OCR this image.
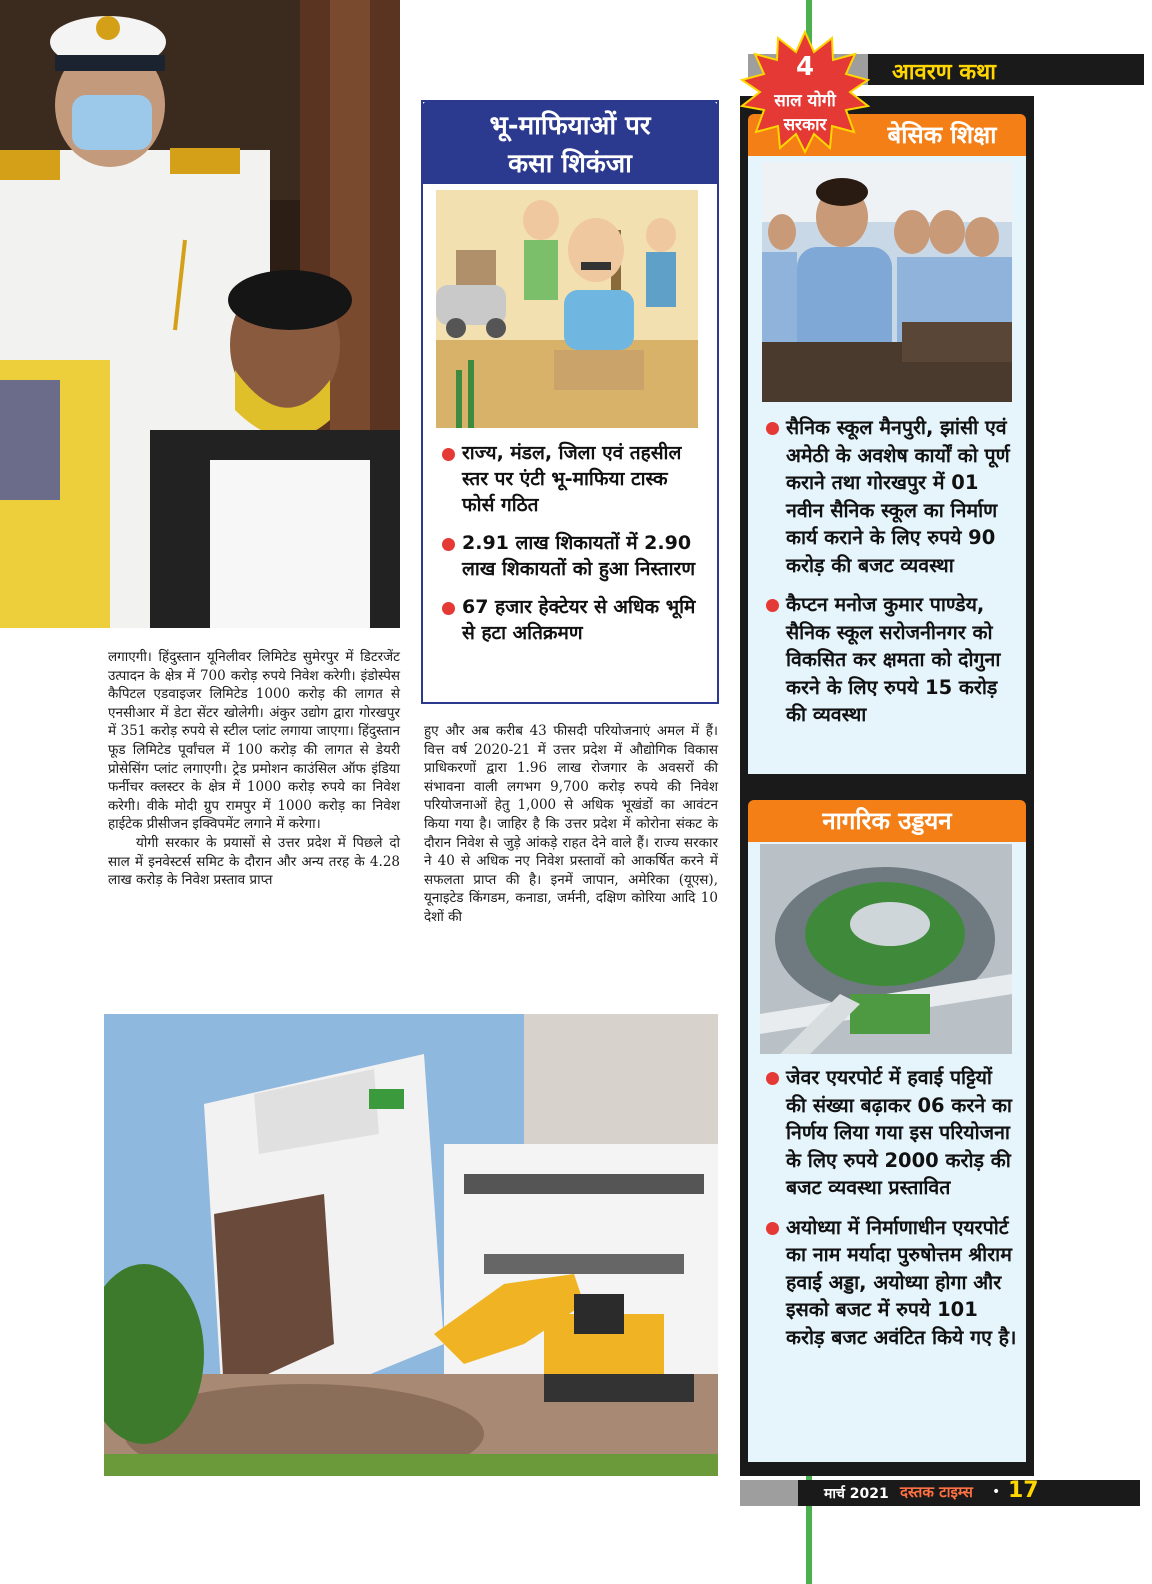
लगाएगी। हिंदुस्तान यूनिलीवर लिमिटेड सुमेरपुर में डिटरजेंट उत्पादन के क्षेत्र में 700 करोड़ रुपये निवेश करेगी। इंडोस्पेस कैपिटल एडवाइजर लिमिटेड 1000 करोड़ की लागत से एनसीआर में डेटा सेंटर खोलेगी। अंकुर उद्योग द्वारा गोरखपुर में 351 करोड़ रुपये से स्टील प्लांट लगाया जाएगा। हिंदुस्तान फूड लिमिटेड पूर्वांचल में 100 करोड़ की लागत से डेयरी प्रोसेसिंग प्लांट लगाएगी। ट्रेड प्रमोशन काउंसिल ऑफ इंडिया फर्नीचर क्लस्टर के क्षेत्र में 1000 करोड़ रुपये का निवेश करेगी। वीके मोदी ग्रुप रामपुर में 1000 करोड़ का निवेश हाईटेक प्रीसीजन इक्विपमेंट लगाने में करेगा।

योगी सरकार के प्रयासों से उत्तर प्रदेश में पिछले दो साल में इनवेस्टर्स समिट के दौरान और अन्य तरह के 4.28 लाख करोड़ के निवेश प्रस्ताव प्राप्त

भू-माफियाओं पर
कसा शिकंजा
राज्य, मंडल, जिला एवं तहसील स्तर पर एंटी भू-माफिया टास्क फोर्स गठित
2.91 लाख शिकायतों में 2.90 लाख शिकायतों को हुआ निस्तारण
67 हजार हेक्टेयर से अधिक भूमि से हटा अतिक्रमण

हुए और अब करीब 43 फीसदी परियोजनाएं अमल में हैं। वित्त वर्ष 2020-21 में उत्तर प्रदेश में औद्योगिक विकास प्राधिकरणों द्वारा 1.96 लाख रोजगार के अवसरों की संभावना वाली लगभग 9,700 करोड़ रुपये की निवेश परियोजनाओं हेतु 1,000 से अधिक भूखंडों का आवंटन किया गया है। जाहिर है कि उत्तर प्रदेश में कोरोना संकट के दौरान निवेश से जुड़े आंकड़े राहत देने वाले हैं। राज्य सरकार ने 40 से अधिक नए निवेश प्रस्तावों को आकर्षित करने में सफलता प्राप्त की है। इनमें जापान, अमेरिका (यूएस), यूनाइटेड किंगडम, कनाडा, जर्मनी, दक्षिण कोरिया आदि 10 देशों की

आवरण कथा
बेसिक शिक्षा
सैनिक स्कूल मैनपुरी, झांसी एवं अमेठी के अवशेष कार्यों को पूर्ण कराने तथा गोरखपुर में 01 नवीन सैनिक स्कूल का निर्माण कार्य कराने के लिए रुपये 90 करोड़ की बजट व्यवस्था
कैप्टन मनोज कुमार पाण्डेय, सैनिक स्कूल सरोजनीनगर को विकसित कर क्षमता को दोगुना करने के लिए रुपये 15 करोड़ की व्यवस्था
नागरिक उड्डयन
जेवर एयरपोर्ट में हवाई पट्टियों की संख्या बढ़ाकर 06 करने का निर्णय लिया गया इस परियोजना के लिए रुपये 2000 करोड़ की बजट व्यवस्था प्रस्तावित
अयोध्या में निर्माणाधीन एयरपोर्ट का नाम मर्यादा पुरुषोत्तम श्रीराम हवाई अड्डा, अयोध्या होगा और इसको बजट में रुपये 101 करोड़ बजट अवंटित किये गए है।
4
साल योगी
सरकार
मार्च 2021 दस्तक टाइम्स • 17
